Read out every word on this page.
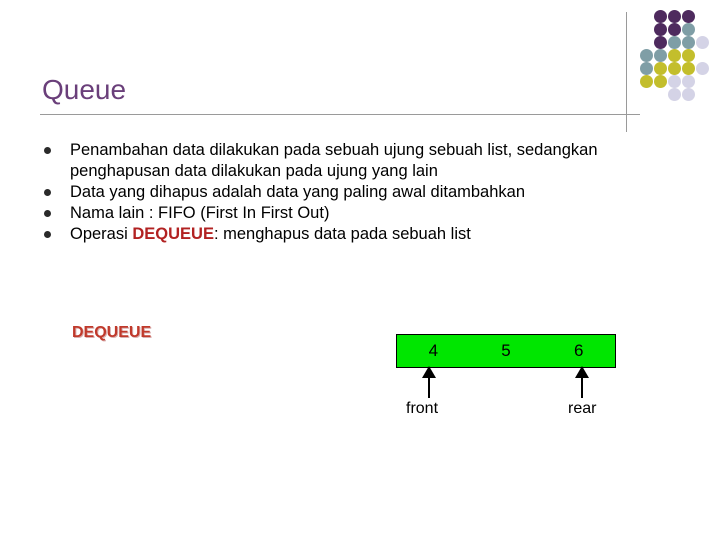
Queue
Penambahan data dilakukan pada sebuah ujung sebuah list, sedangkan penghapusan data dilakukan pada ujung yang lain
Data yang dihapus adalah data yang paling awal ditambahkan
Nama lain : FIFO (First In First Out)
Operasi DEQUEUE: menghapus data pada sebuah list
DEQUEUE
4	5	6
front	rear
